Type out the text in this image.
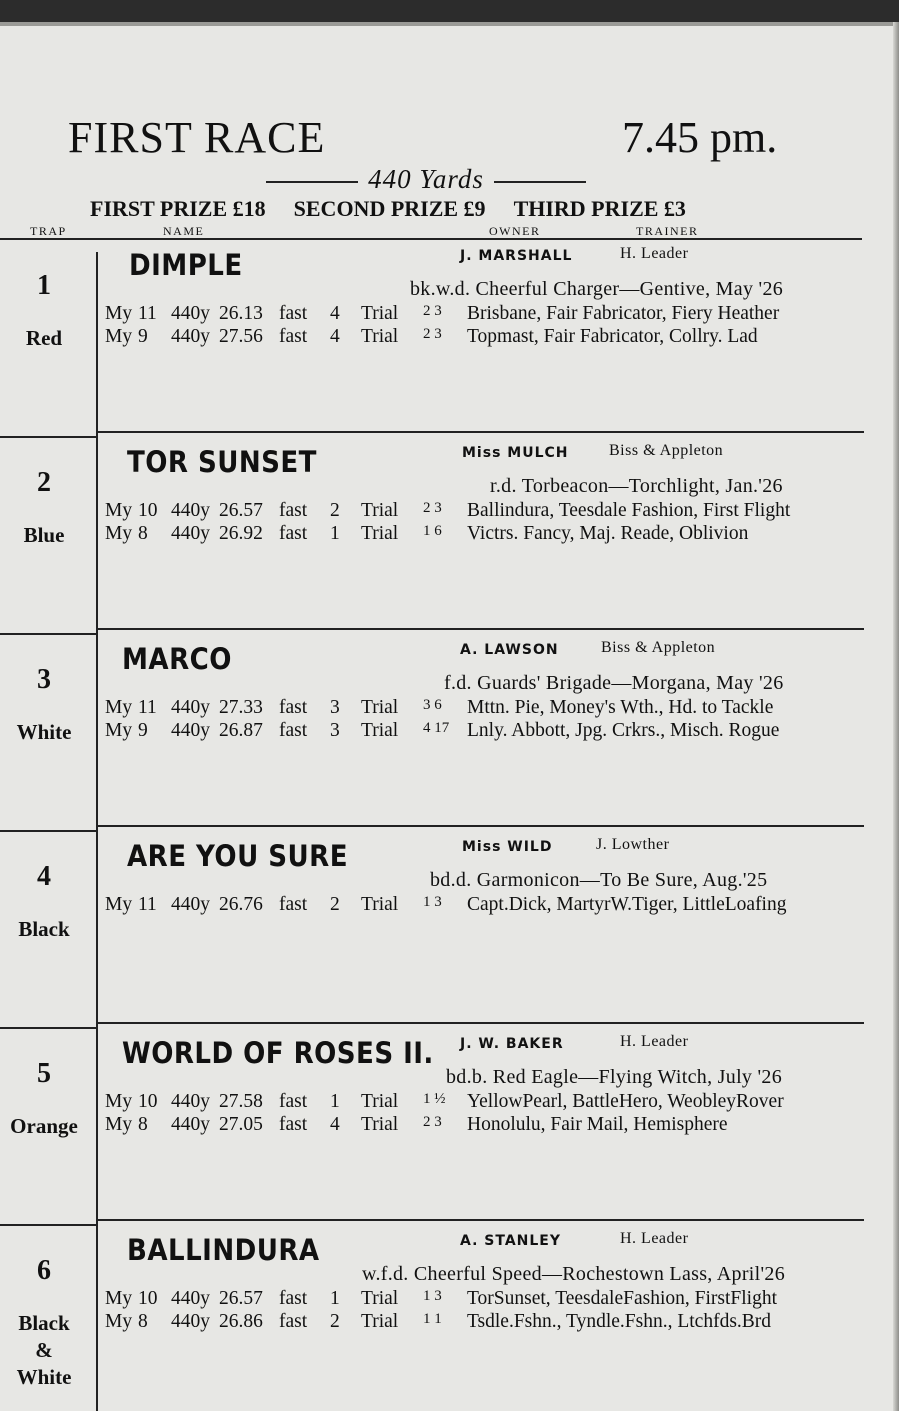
FIRST RACE	7.45 pm.
440 Yards
FIRST PRIZE £18 SECOND PRIZE £9 THIRD PRIZE £3
TRAP	NAME	OWNER	TRAINER
1
Red
DIMPLE	J. MARSHALL	H. Leader
bk.w.d. Cheerful Charger—Gentive, May '26
My 11 440y 26.13 fast 4 Trial 2 3 Brisbane, Fair Fabricator, Fiery Heather
My 9 440y 27.56 fast 4 Trial 2 3 Topmast, Fair Fabricator, Collry. Lad
2
Blue
TOR SUNSET	Miss MULCH	Biss & Appleton
r.d. Torbeacon—Torchlight, Jan.'26
My 10 440y 26.57 fast 2 Trial 2 3 Ballindura, Teesdale Fashion, First Flight
My 8 440y 26.92 fast 1 Trial 1 6 Victrs. Fancy, Maj. Reade, Oblivion
3
White
MARCO	A. LAWSON	Biss & Appleton
f.d. Guards' Brigade—Morgana, May '26
My 11 440y 27.33 fast 3 Trial 3 6 Mttn. Pie, Money's Wth., Hd. to Tackle
My 9 440y 26.87 fast 3 Trial 4 17 Lnly. Abbott, Jpg. Crkrs., Misch. Rogue
4
Black
ARE YOU SURE	Miss WILD	J. Lowther
bd.d. Garmonicon—To Be Sure, Aug.'25
My 11 440y 26.76 fast 2 Trial 1 3 Capt.Dick, MartyrW.Tiger, LittleLoafing
5
Orange
WORLD OF ROSES II. J. W. BAKER	H. Leader
bd.b. Red Eagle—Flying Witch, July '26
My 10 440y 27.58 fast 1 Trial 1 ½ YellowPearl, BattleHero, WeobleyRover
My 8 440y 27.05 fast 4 Trial 2 3 Honolulu, Fair Mail, Hemisphere
6
Black
&
White
BALLINDURA	A. STANLEY	H. Leader
w.f.d. Cheerful Speed—Rochestown Lass, April'26
My 10 440y 26.57 fast 1 Trial 1 3 TorSunset, TeesdaleFashion, FirstFlight
My 8 440y 26.86 fast 2 Trial 1 1 Tsdle.Fshn., Tyndle.Fshn., Ltchfds.Brd
